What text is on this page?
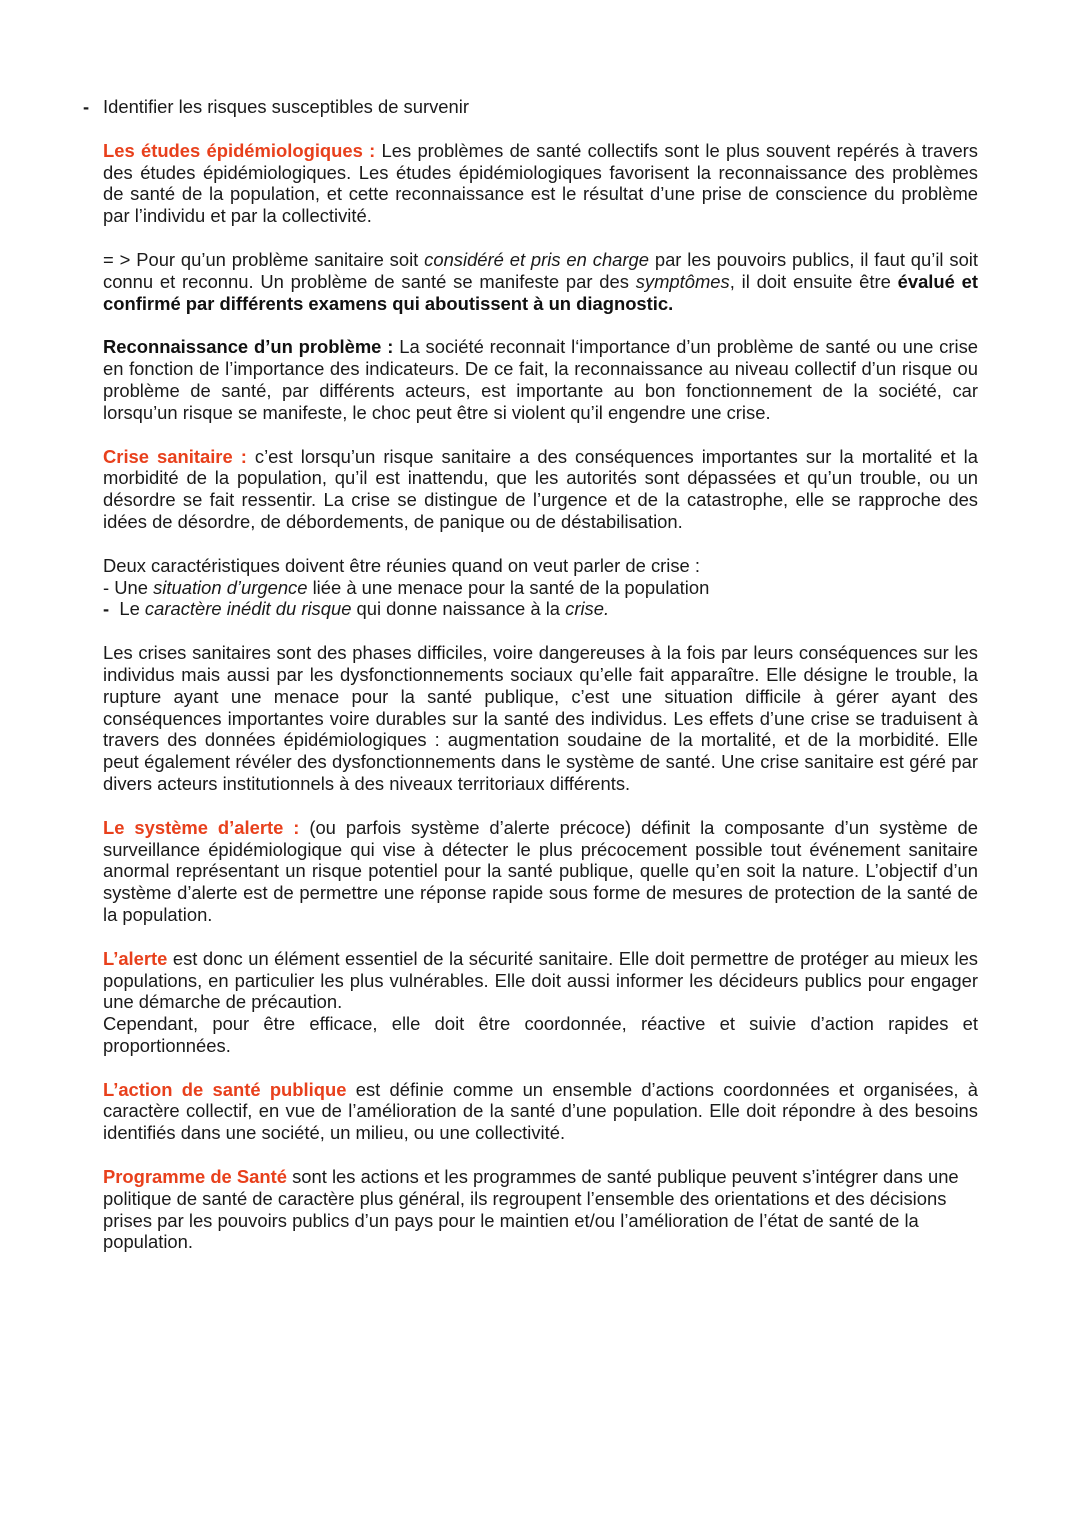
- Identifier les risques susceptibles de survenir

Les études épidémiologiques : Les problèmes de santé collectifs sont le plus souvent repérés à travers des études épidémiologiques. Les études épidémiologiques favorisent la reconnaissance des problèmes de santé de la population, et cette reconnaissance est le résultat d’une prise de conscience du problème par l’individu et par la collectivité.

= > Pour qu’un problème sanitaire soit considéré et pris en charge par les pouvoirs publics, il faut qu’il soit connu et reconnu. Un problème de santé se manifeste par des symptômes, il doit ensuite être évalué et confirmé par différents examens qui aboutissent à un diagnostic.

Reconnaissance d’un problème : La société reconnait l‘importance d’un problème de santé ou une crise en fonction de l’importance des indicateurs. De ce fait, la reconnaissance au niveau collectif d’un risque ou problème de santé, par différents acteurs, est importante au bon fonctionnement de la société, car lorsqu’un risque se manifeste, le choc peut être si violent qu’il engendre une crise.

Crise sanitaire : c’est lorsqu’un risque sanitaire a des conséquences importantes sur la mortalité et la morbidité de la population, qu’il est inattendu, que les autorités sont dépassées et qu’un trouble, ou un désordre se fait ressentir. La crise se distingue de l’urgence et de la catastrophe, elle se rapproche des idées de désordre, de débordements, de panique ou de déstabilisation.

Deux caractéristiques doivent être réunies quand on veut parler de crise :
- Une situation d’urgence liée à une menace pour la santé de la population
-  Le caractère inédit du risque qui donne naissance à la crise.

Les crises sanitaires sont des phases difficiles, voire dangereuses à la fois par leurs conséquences sur les individus mais aussi par les dysfonctionnements sociaux qu’elle fait apparaître. Elle désigne le trouble, la rupture ayant une menace pour la santé publique, c’est une situation difficile à gérer ayant des conséquences importantes voire durables sur la santé des individus. Les effets d’une crise se traduisent à travers des données épidémiologiques : augmentation soudaine de la mortalité, et de la morbidité. Elle peut également révéler des dysfonctionnements dans le système de santé. Une crise sanitaire est géré par divers acteurs institutionnels à des niveaux territoriaux différents.

Le système d’alerte : (ou parfois système d’alerte précoce) définit la composante d’un système de surveillance épidémiologique qui vise à détecter le plus précocement possible tout événement sanitaire anormal représentant un risque potentiel pour la santé publique, quelle qu’en soit la nature. L’objectif d’un système d’alerte est de permettre une réponse rapide sous forme de mesures de protection de la santé de la population.

L’alerte est donc un élément essentiel de la sécurité sanitaire. Elle doit permettre de protéger au mieux les populations, en particulier les plus vulnérables. Elle doit aussi informer les décideurs publics pour engager une démarche de précaution.
Cependant, pour être efficace, elle doit être coordonnée, réactive et suivie d’action rapides et proportionnées.

L’action de santé publique est définie comme un ensemble d’actions coordonnées et organisées, à caractère collectif, en vue de l’amélioration de la santé d’une population. Elle doit répondre à des besoins identifiés dans une société, un milieu, ou une collectivité.

Programme de Santé sont les actions et les programmes de santé publique peuvent s’intégrer dans une politique de santé de caractère plus général, ils regroupent l’ensemble des orientations et des décisions prises par les pouvoirs publics d’un pays pour le maintien et/ou l’amélioration de l’état de santé de la population.
